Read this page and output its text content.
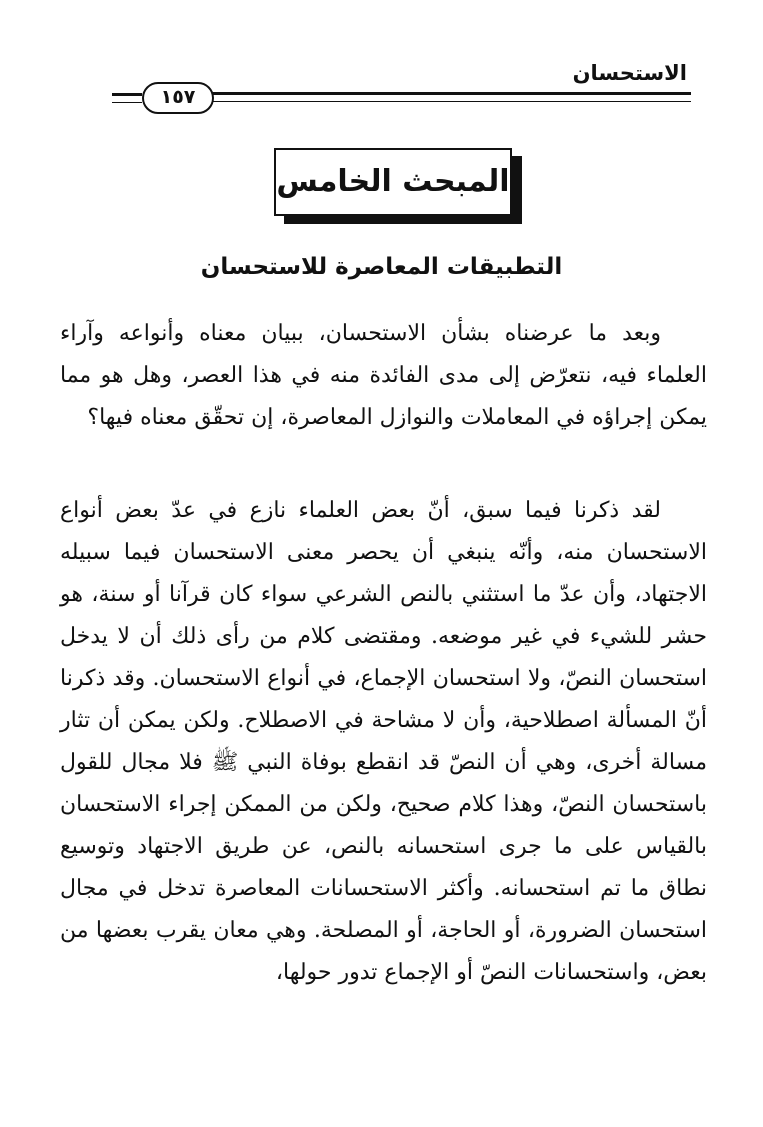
الاستحسان
١٥٧
المبحث الخامس
التطبيقات المعاصرة للاستحسان

وبعد ما عرضناه بشأن الاستحسان، ببيان معناه وأنواعه وآراء العلماء فيه، نتعرّض إلى مدى الفائدة منه في هذا العصر، وهل هو مما يمكن إجراؤه في المعاملات والنوازل المعاصرة، إن تحقّق معناه فيها؟

لقد ذكرنا فيما سبق، أنّ بعض العلماء نازع في عدّ بعض أنواع الاستحسان منه، وأنّه ينبغي أن يحصر معنى الاستحسان فيما سبيله الاجتهاد، وأن عدّ ما استثني بالنص الشرعي سواء كان قرآنا أو سنة، هو حشر للشيء في غير موضعه. ومقتضى كلام من رأى ذلك أن لا يدخل استحسان النصّ، ولا استحسان الإجماع، في أنواع الاستحسان. وقد ذكرنا أنّ المسألة اصطلاحية، وأن لا مشاحة في الاصطلاح. ولكن يمكن أن تثار مسالة أخرى، وهي أن النصّ قد انقطع بوفاة النبي ﷺ فلا مجال للقول باستحسان النصّ، وهذا كلام صحيح، ولكن من الممكن إجراء الاستحسان بالقياس على ما جرى استحسانه بالنص، عن طريق الاجتهاد وتوسيع نطاق ما تم استحسانه. وأكثر الاستحسانات المعاصرة تدخل في مجال استحسان الضرورة، أو الحاجة، أو المصلحة. وهي معان يقرب بعضها من بعض، واستحسانات النصّ أو الإجماع تدور حولها،
